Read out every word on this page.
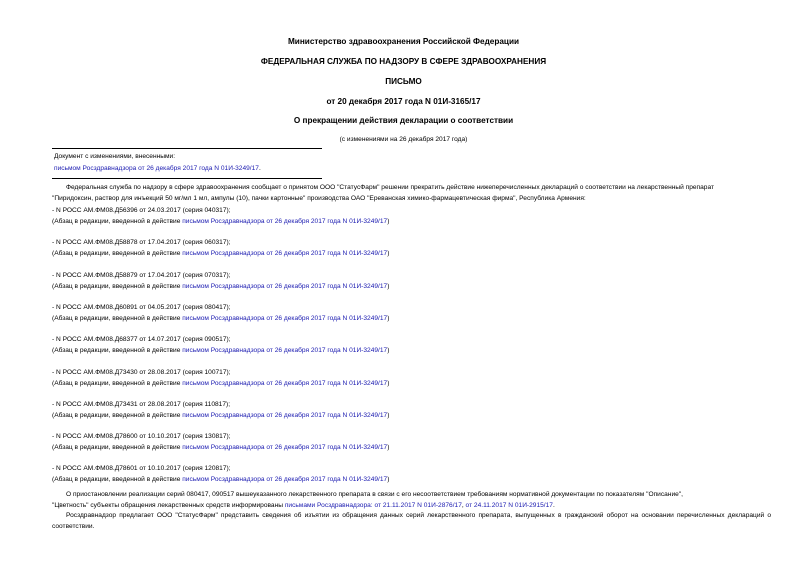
Министерство здравоохранения Российской Федерации
ФЕДЕРАЛЬНАЯ СЛУЖБА ПО НАДЗОРУ В СФЕРЕ ЗДРАВООХРАНЕНИЯ
ПИСЬМО
от 20 декабря 2017 года N 01И-3165/17
О прекращении действия декларации о соответствии
(с изменениями на 26 декабря 2017 года)
Документ с изменениями, внесенными:
письмом Росздравнадзора от 26 декабря 2017 года N 01И-3249/17.
Федеральная служба по надзору в сфере здравоохранения сообщает о принятом ООО "СтатусФарм" решении прекратить действие нижеперечисленных деклараций о соответствии на лекарственный препарат
"Пиридоксин, раствор для инъекций 50 мг/мл 1 мл, ампулы (10), пачки картонные" производства ОАО "Ереванская химико-фармацевтическая фирма", Республика Армения:
- N РОСС АМ.ФМ08.Д56396 от 24.03.2017 (серия 040317);
(Абзац в редакции, введенной в действие письмом Росздравнадзора от 26 декабря 2017 года N 01И-3249/17)
- N РОСС АМ.ФМ08.Д58878 от 17.04.2017 (серия 060317);
(Абзац в редакции, введенной в действие письмом Росздравнадзора от 26 декабря 2017 года N 01И-3249/17)
- N РОСС АМ.ФМ08.Д58879 от 17.04.2017 (серия 070317);
(Абзац в редакции, введенной в действие письмом Росздравнадзора от 26 декабря 2017 года N 01И-3249/17)
- N РОСС АМ.ФМ08.Д60891 от 04.05.2017 (серия 080417);
(Абзац в редакции, введенной в действие письмом Росздравнадзора от 26 декабря 2017 года N 01И-3249/17)
- N РОСС АМ.ФМ08.Д68377 от 14.07.2017 (серия 090517);
(Абзац в редакции, введенной в действие письмом Росздравнадзора от 26 декабря 2017 года N 01И-3249/17)
- N РОСС АМ.ФМ08.Д73430 от 28.08.2017 (серия 100717);
(Абзац в редакции, введенной в действие письмом Росздравнадзора от 26 декабря 2017 года N 01И-3249/17)
- N РОСС АМ.ФМ08.Д73431 от 28.08.2017 (серия 110817);
(Абзац в редакции, введенной в действие письмом Росздравнадзора от 26 декабря 2017 года N 01И-3249/17)
- N РОСС АМ.ФМ08.Д78600 от 10.10.2017 (серия 130817);
(Абзац в редакции, введенной в действие письмом Росздравнадзора от 26 декабря 2017 года N 01И-3249/17)
- N РОСС АМ.ФМ08.Д78601 от 10.10.2017 (серия 120817);
(Абзац в редакции, введенной в действие письмом Росздравнадзора от 26 декабря 2017 года N 01И-3249/17)
О приостановлении реализации серий 080417, 090517 вышеуказанного лекарственного препарата в связи с его несоответствием требованиям нормативной документации по показателям "Описание",
"Цветность" субъекты обращения лекарственных средств информированы письмами Росздравнадзора: от 21.11.2017 N 01И-2876/17, от 24.11.2017 N 01И-2915/17.
Росздравнадзор предлагает ООО "СтатусФарм" представить сведения об изъятии из обращения данных серий лекарственного препарата, выпущенных в гражданский оборот на основании перечисленных деклараций о соответствии.
